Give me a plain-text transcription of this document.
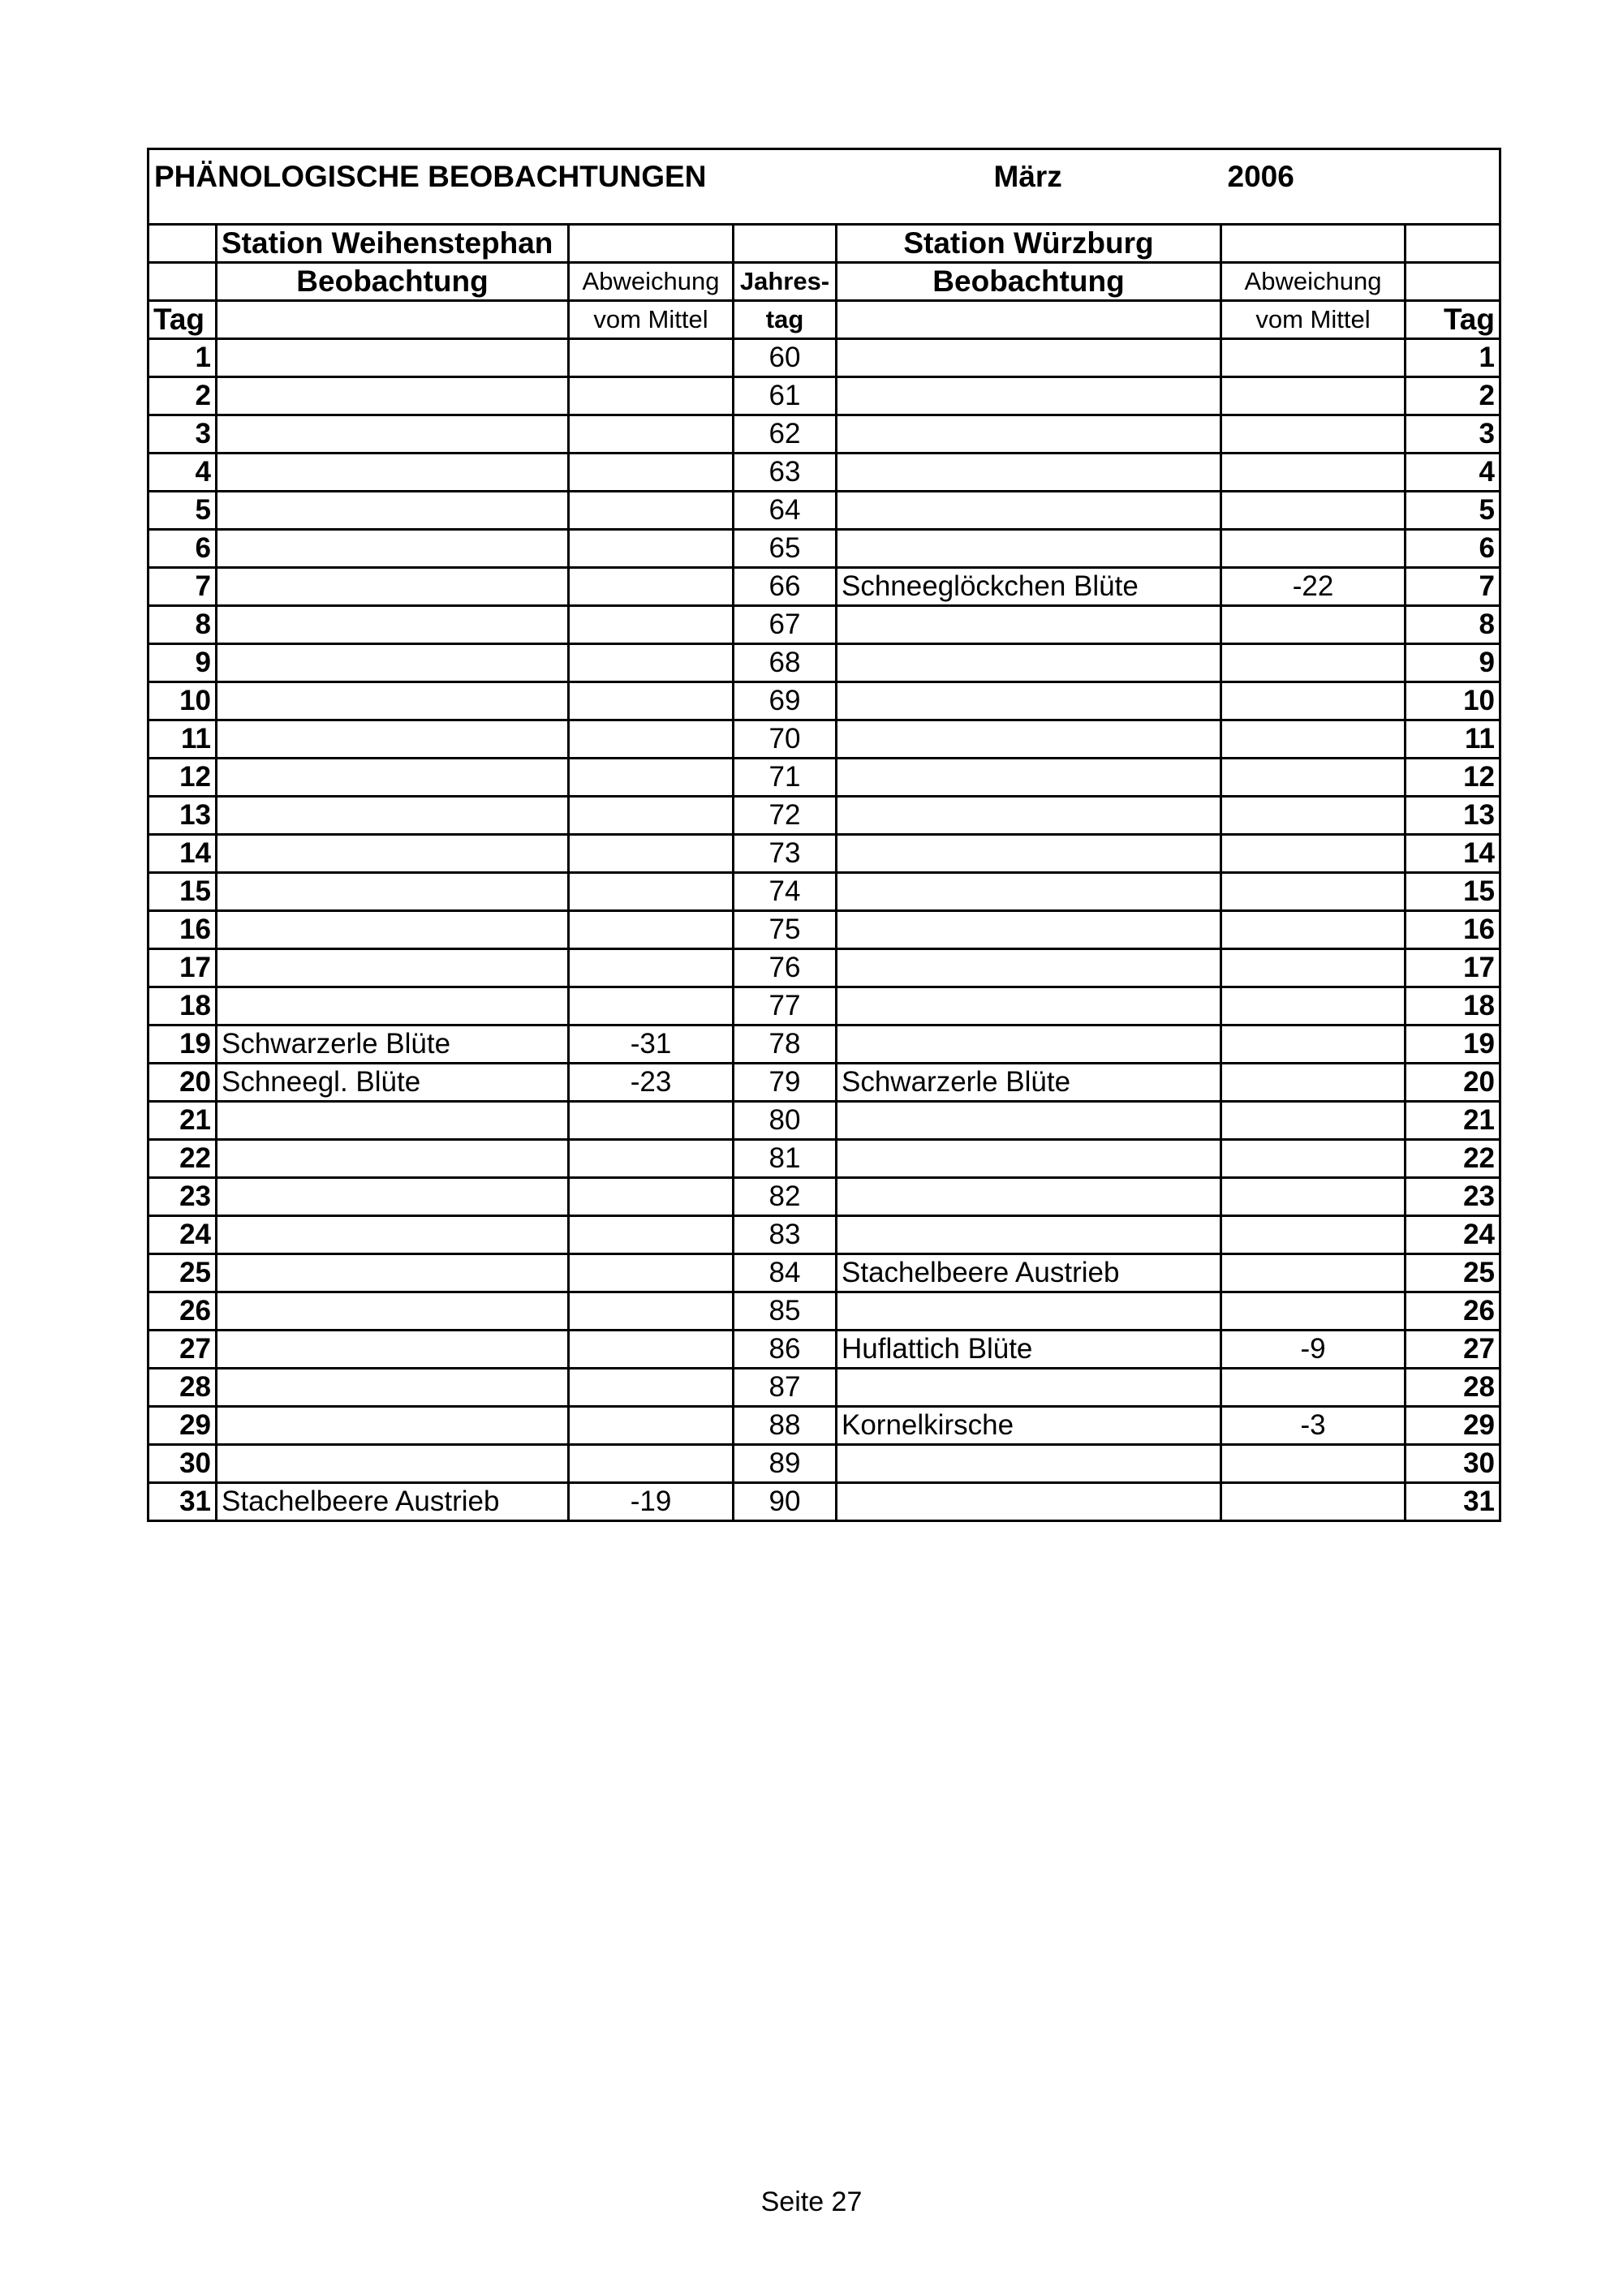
PHÄNOLOGISCHE BEOBACHTUNGEN März 2006						

	Station Weihenstephan			Station Würzburg		
	Beobachtung	Abweichung	Jahres-	Beobachtung	Abweichung	
Tag		vom Mittel	tag		vom Mittel	Tag
1			60			1
2			61			2
3			62			3
4			63			4
5			64			5
6			65			6
7			66	Schneeglöckchen Blüte	-22	7
8			67			8
9			68			9
10			69			10
11			70			11
12			71			12
13			72			13
14			73			14
15			74			15
16			75			16
17			76			17
18			77			18
19	Schwarzerle Blüte	-31	78			19
20	Schneegl. Blüte	-23	79	Schwarzerle Blüte		20
21			80			21
22			81			22
23			82			23
24			83			24
25			84	Stachelbeere Austrieb		25
26			85			26
27			86	Huflattich Blüte	-9	27
28			87			28
29			88	Kornelkirsche	-3	29
30			89			30
31	Stachelbeere Austrieb	-19	90			31
Seite 27
